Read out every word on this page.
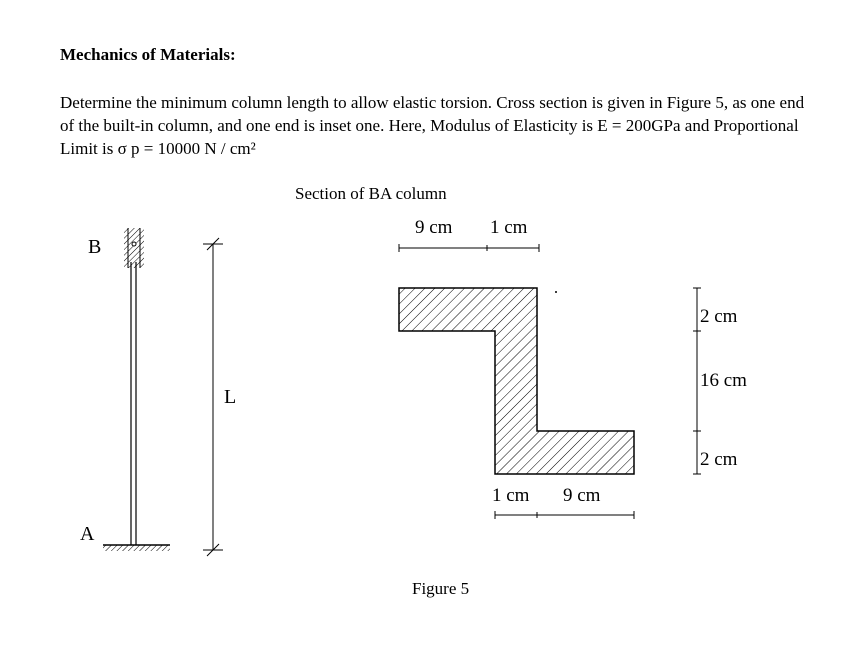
Mechanics of Materials:

Determine the minimum column length to allow elastic torsion. Cross section is given in Figure 5, as one end of the built-in column, and one end is inset one. Here, Modulus of Elasticity is E = 200GPa and Proportional Limit is σ p = 10000 N / cm²

Section of BA column

Figure 5

B
A
L
9 cm 1 cm
1 cm 9 cm
2 cm
16 cm
2 cm
